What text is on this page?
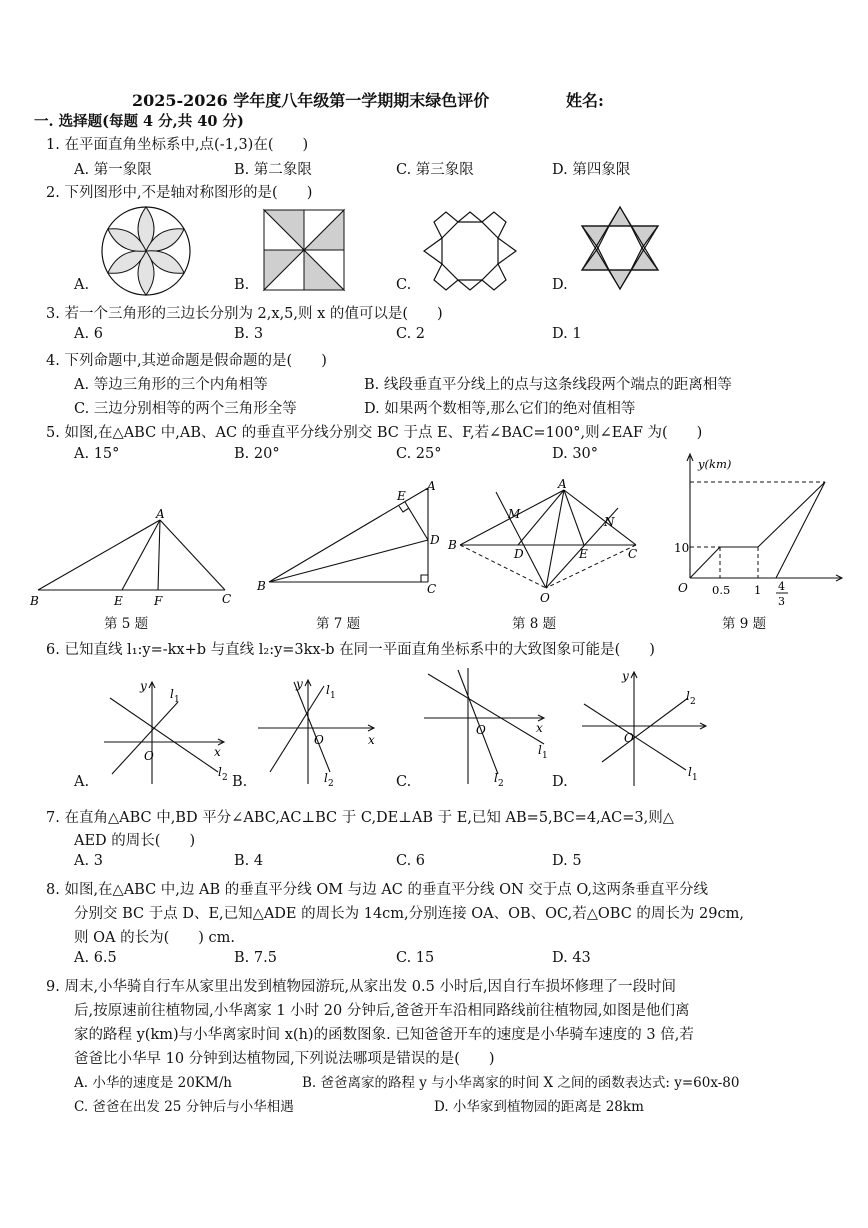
2025-2026 学年度八年级第一学期期末绿色评价	姓名:
一. 选择题(每题 4 分,共 40 分)
1. 在平面直角坐标系中,点(-1,3)在(　　)
A. 第一象限	B. 第二象限	C. 第三象限	D. 第四象限
2. 下列图形中,不是轴对称图形的是(　　)
A.	B.	C.	D.
3. 若一个三角形的三边长分别为 2,x,5,则 x 的值可以是(　　)
A. 6	B. 3	C. 2	D. 1
4. 下列命题中,其逆命题是假命题的是(　　)
A. 等边三角形的三个内角相等	B. 线段垂直平分线上的点与这条线段两个端点的距离相等
C. 三边分别相等的两个三角形全等	D. 如果两个数相等,那么它们的绝对值相等
5. 如图,在△ABC 中,AB、AC 的垂直平分线分别交 BC 于点 E、F,若∠BAC=100°,则∠EAF 为(　　)
A. 15°	B. 20°	C. 25°	D. 30°
A
B	E	F	C
第 5 题
E
A
D
B	C
第 7 题
A
M
N
B
D	E	C
O
第 8 题
y(km)
10
O 0.5 1 4
3
第 9 题
6. 已知直线 l₁:y=-kx+b 与直线 l₂:y=3kx-b 在同一平面直角坐标系中的大致图象可能是(　　)
y
l 1
O	x
l 2
A.
y l 1
O	x
l 2
B.
O	x
l 1
l 2
C.
y
l 2
O
l 1
D.
7. 在直角△ABC 中,BD 平分∠ABC,AC⊥BC 于 C,DE⊥AB 于 E,已知 AB=5,BC=4,AC=3,则△
AED 的周长(　　)
A. 3	B. 4	C. 6	D. 5
8. 如图,在△ABC 中,边 AB 的垂直平分线 OM 与边 AC 的垂直平分线 ON 交于点 O,这两条垂直平分线
分别交 BC 于点 D、E,已知△ADE 的周长为 14cm,分别连接 OA、OB、OC,若△OBC 的周长为 29cm,
则 OA 的长为(　　) cm.
A. 6.5	B. 7.5	C. 15	D. 43
9. 周末,小华骑自行车从家里出发到植物园游玩,从家出发 0.5 小时后,因自行车损坏修理了一段时间
后,按原速前往植物园,小华离家 1 小时 20 分钟后,爸爸开车沿相同路线前往植物园,如图是他们离
家的路程 y(km)与小华离家时间 x(h)的函数图象. 已知爸爸开车的速度是小华骑车速度的 3 倍,若
爸爸比小华早 10 分钟到达植物园,下列说法哪项是错误的是(　　)
A. 小华的速度是 20KM/h	B. 爸爸离家的路程 y 与小华离家的时间 X 之间的函数表达式: y=60x-80
C. 爸爸在出发 25 分钟后与小华相遇	D. 小华家到植物园的距离是 28km
